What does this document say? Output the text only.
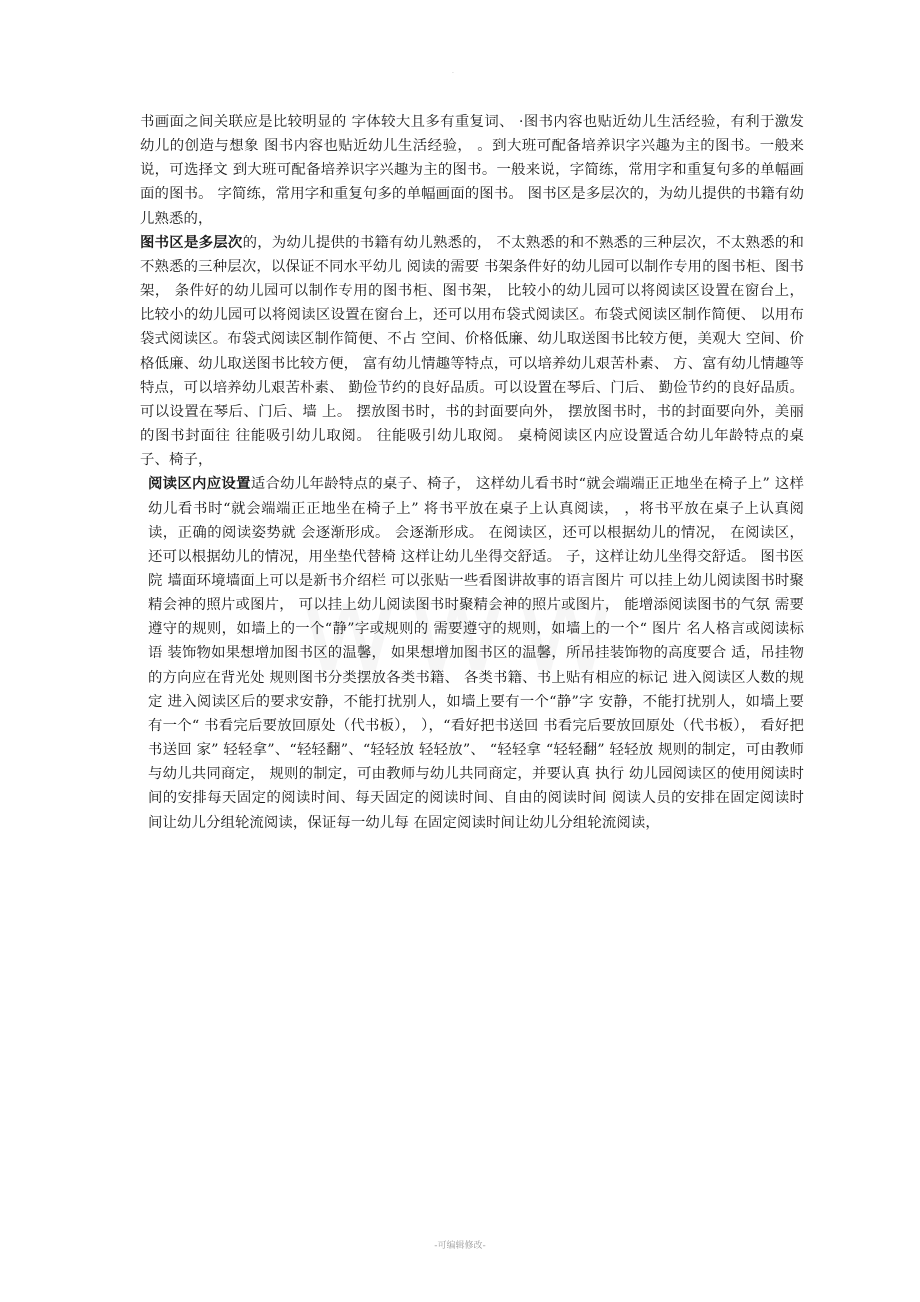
·

书画面之间关联应是比较明显的 字体较大且多有重复词、 ·图书内容也贴近幼儿生活经验，有利于激发幼儿的创造与想象 图书内容也贴近幼儿生活经验， 。到大班可配备培养识字兴趣为主的图书。一般来说，可选择文 到大班可配备培养识字兴趣为主的图书。一般来说，字简练，常用字和重复句多的单幅画面的图书。 字简练，常用字和重复句多的单幅画面的图书。 图书区是多层次的，为幼儿提供的书籍有幼儿熟悉的，

图书区是多层次的，为幼儿提供的书籍有幼儿熟悉的， 不太熟悉的和不熟悉的三种层次，不太熟悉的和不熟悉的三种层次，以保证不同水平幼儿 阅读的需要 书架条件好的幼儿园可以制作专用的图书柜、图书架， 条件好的幼儿园可以制作专用的图书柜、图书架， 比较小的幼儿园可以将阅读区设置在窗台上， 比较小的幼儿园可以将阅读区设置在窗台上，还可以用布袋式阅读区。布袋式阅读区制作简便、 以用布袋式阅读区。布袋式阅读区制作简便、不占 空间、价格低廉、幼儿取送图书比较方便，美观大 空间、价格低廉、幼儿取送图书比较方便， 富有幼儿情趣等特点，可以培养幼儿艰苦朴素、 方、富有幼儿情趣等特点，可以培养幼儿艰苦朴素、 勤俭节约的良好品质。可以设置在琴后、门后、 勤俭节约的良好品质。可以设置在琴后、门后、墙 上。 摆放图书时，书的封面要向外， 摆放图书时，书的封面要向外，美丽的图书封面往 往能吸引幼儿取阅。 往能吸引幼儿取阅。 桌椅阅读区内应设置适合幼儿年龄特点的桌子、椅子，

阅读区内应设置适合幼儿年龄特点的桌子、椅子， 这样幼儿看书时“就会端端正正地坐在椅子上” 这样幼儿看书时“就会端端正正地坐在椅子上” 将书平放在桌子上认真阅读， ，将书平放在桌子上认真阅读，正确的阅读姿势就 会逐渐形成。 会逐渐形成。 在阅读区，还可以根据幼儿的情况， 在阅读区，还可以根据幼儿的情况，用坐垫代替椅 这样让幼儿坐得交舒适。 子，这样让幼儿坐得交舒适。 图书医院 墙面环境墙面上可以是新书介绍栏 可以张贴一些看图讲故事的语言图片 可以挂上幼儿阅读图书时聚精会神的照片或图片， 可以挂上幼儿阅读图书时聚精会神的照片或图片， 能增添阅读图书的气氛 需要遵守的规则，如墙上的一个“静”字或规则的 需要遵守的规则，如墙上的一个“ 图片 名人格言或阅读标语 装饰物如果想增加图书区的温馨， 如果想增加图书区的温馨，所吊挂装饰物的高度要合 适，吊挂物的方向应在背光处 规则图书分类摆放各类书籍、 各类书籍、书上贴有相应的标记 进入阅读区人数的规定 进入阅读区后的要求安静，不能打扰别人，如墙上要有一个“静”字 安静，不能打扰别人，如墙上要有一个“ 书看完后要放回原处（代书板）， ），“看好把书送回 书看完后要放回原处（代书板）， 看好把书送回 家” 轻轻拿”、“轻轻翻”、“轻轻放 轻轻放”、 “轻轻拿 “轻轻翻” 轻轻放 规则的制定，可由教师与幼儿共同商定， 规则的制定，可由教师与幼儿共同商定，并要认真 执行 幼儿园阅读区的使用阅读时间的安排每天固定的阅读时间、每天固定的阅读时间、自由的阅读时间 阅读人员的安排在固定阅读时间让幼儿分组轮流阅读，保证每一幼儿每 在固定阅读时间让幼儿分组轮流阅读，

-可编辑修改-
